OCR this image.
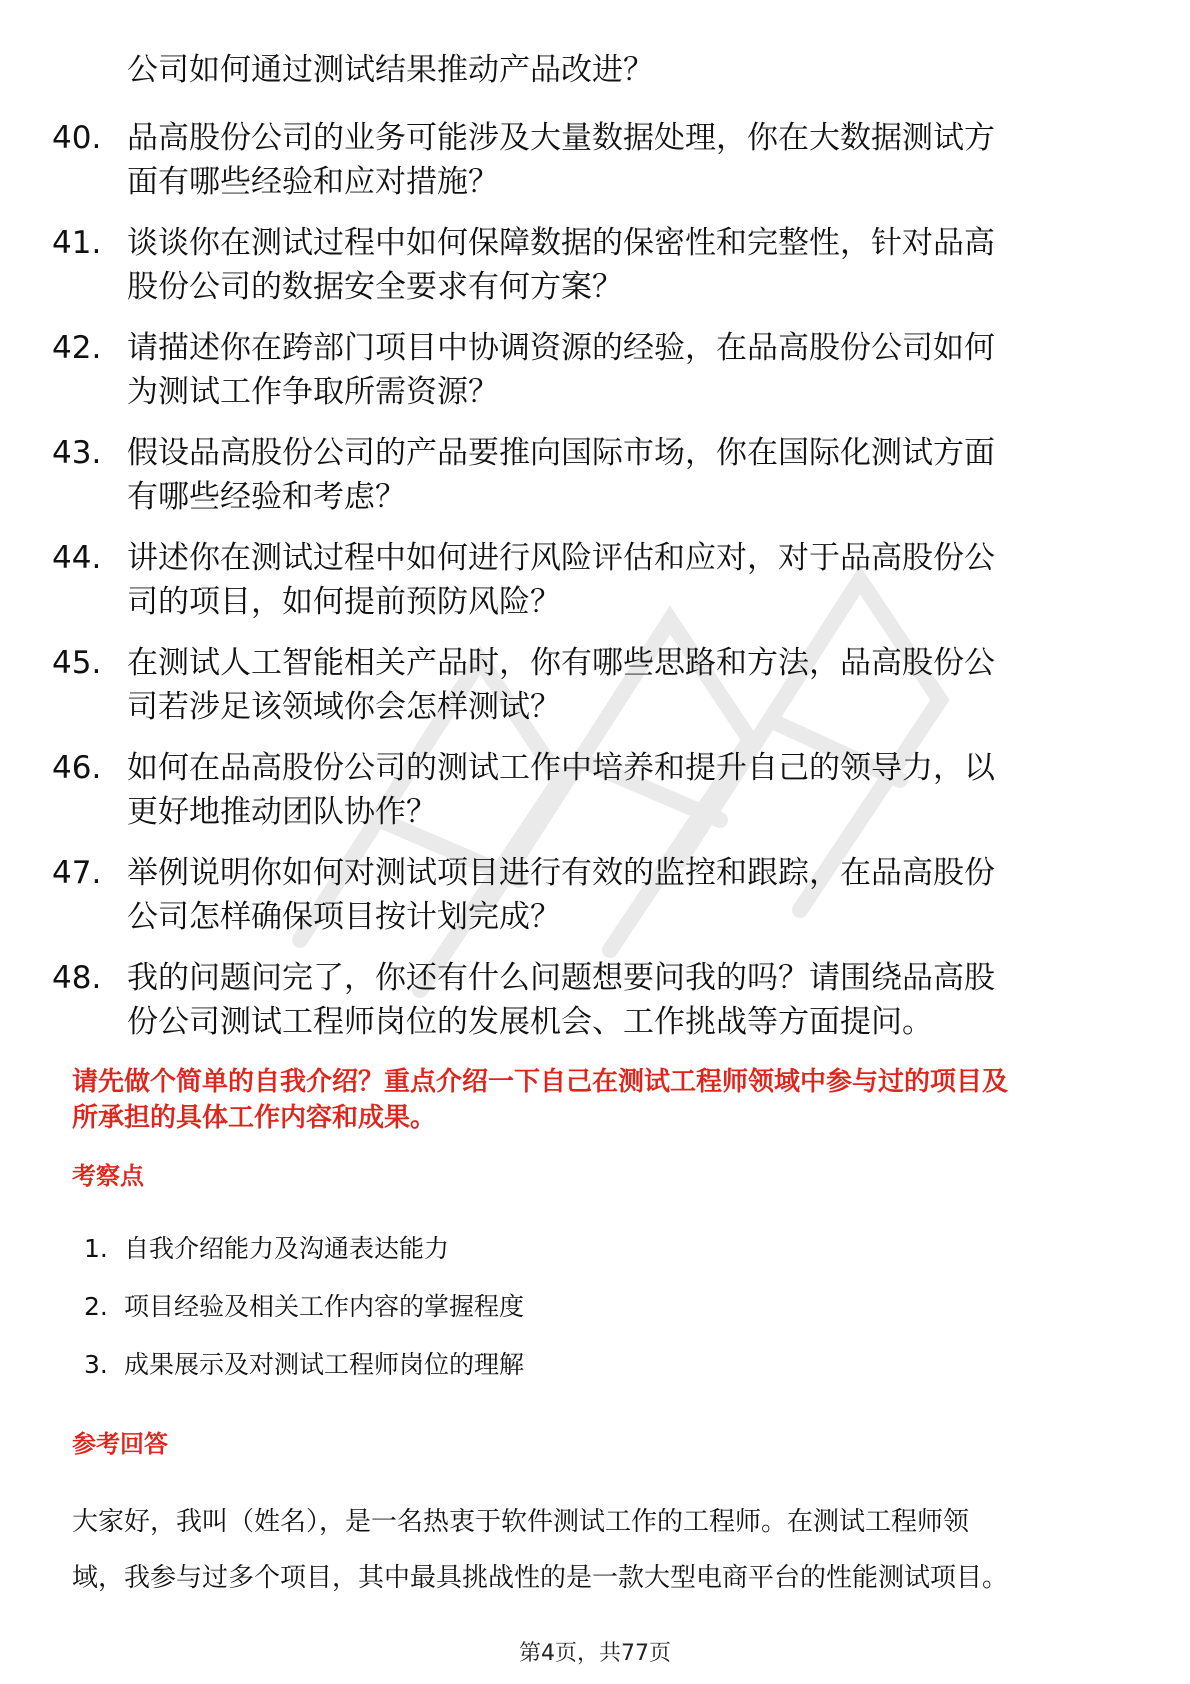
公司如何通过测试结果推动产品改进？

40. 品高股份公司的业务可能涉及大量数据处理，你在大数据测试方
面有哪些经验和应对措施？
41. 谈谈你在测试过程中如何保障数据的保密性和完整性，针对品高
股份公司的数据安全要求有何方案？
42. 请描述你在跨部门项目中协调资源的经验，在品高股份公司如何
为测试工作争取所需资源？
43. 假设品高股份公司的产品要推向国际市场，你在国际化测试方面
有哪些经验和考虑？
44. 讲述你在测试过程中如何进行风险评估和应对，对于品高股份公
司的项目，如何提前预防风险？
45. 在测试人工智能相关产品时，你有哪些思路和方法，品高股份公
司若涉足该领域你会怎样测试？
46. 如何在品高股份公司的测试工作中培养和提升自己的领导力，以
更好地推动团队协作？
47. 举例说明你如何对测试项目进行有效的监控和跟踪，在品高股份
公司怎样确保项目按计划完成？
48. 我的问题问完了，你还有什么问题想要问我的吗？请围绕品高股
份公司测试工程师岗位的发展机会、工作挑战等方面提问。
请先做个简单的自我介绍？重点介绍一下自己在测试工程师领域中参与过的项目及
所承担的具体工作内容和成果。
考察点
1. 自我介绍能力及沟通表达能力
2. 项目经验及相关工作内容的掌握程度
3. 成果展示及对测试工程师岗位的理解
参考回答
大家好，我叫（姓名），是一名热衷于软件测试工作的工程师。在测试工程师领
域，我参与过多个项目，其中最具挑战性的是一款大型电商平台的性能测试项目。
第4页，共77页
